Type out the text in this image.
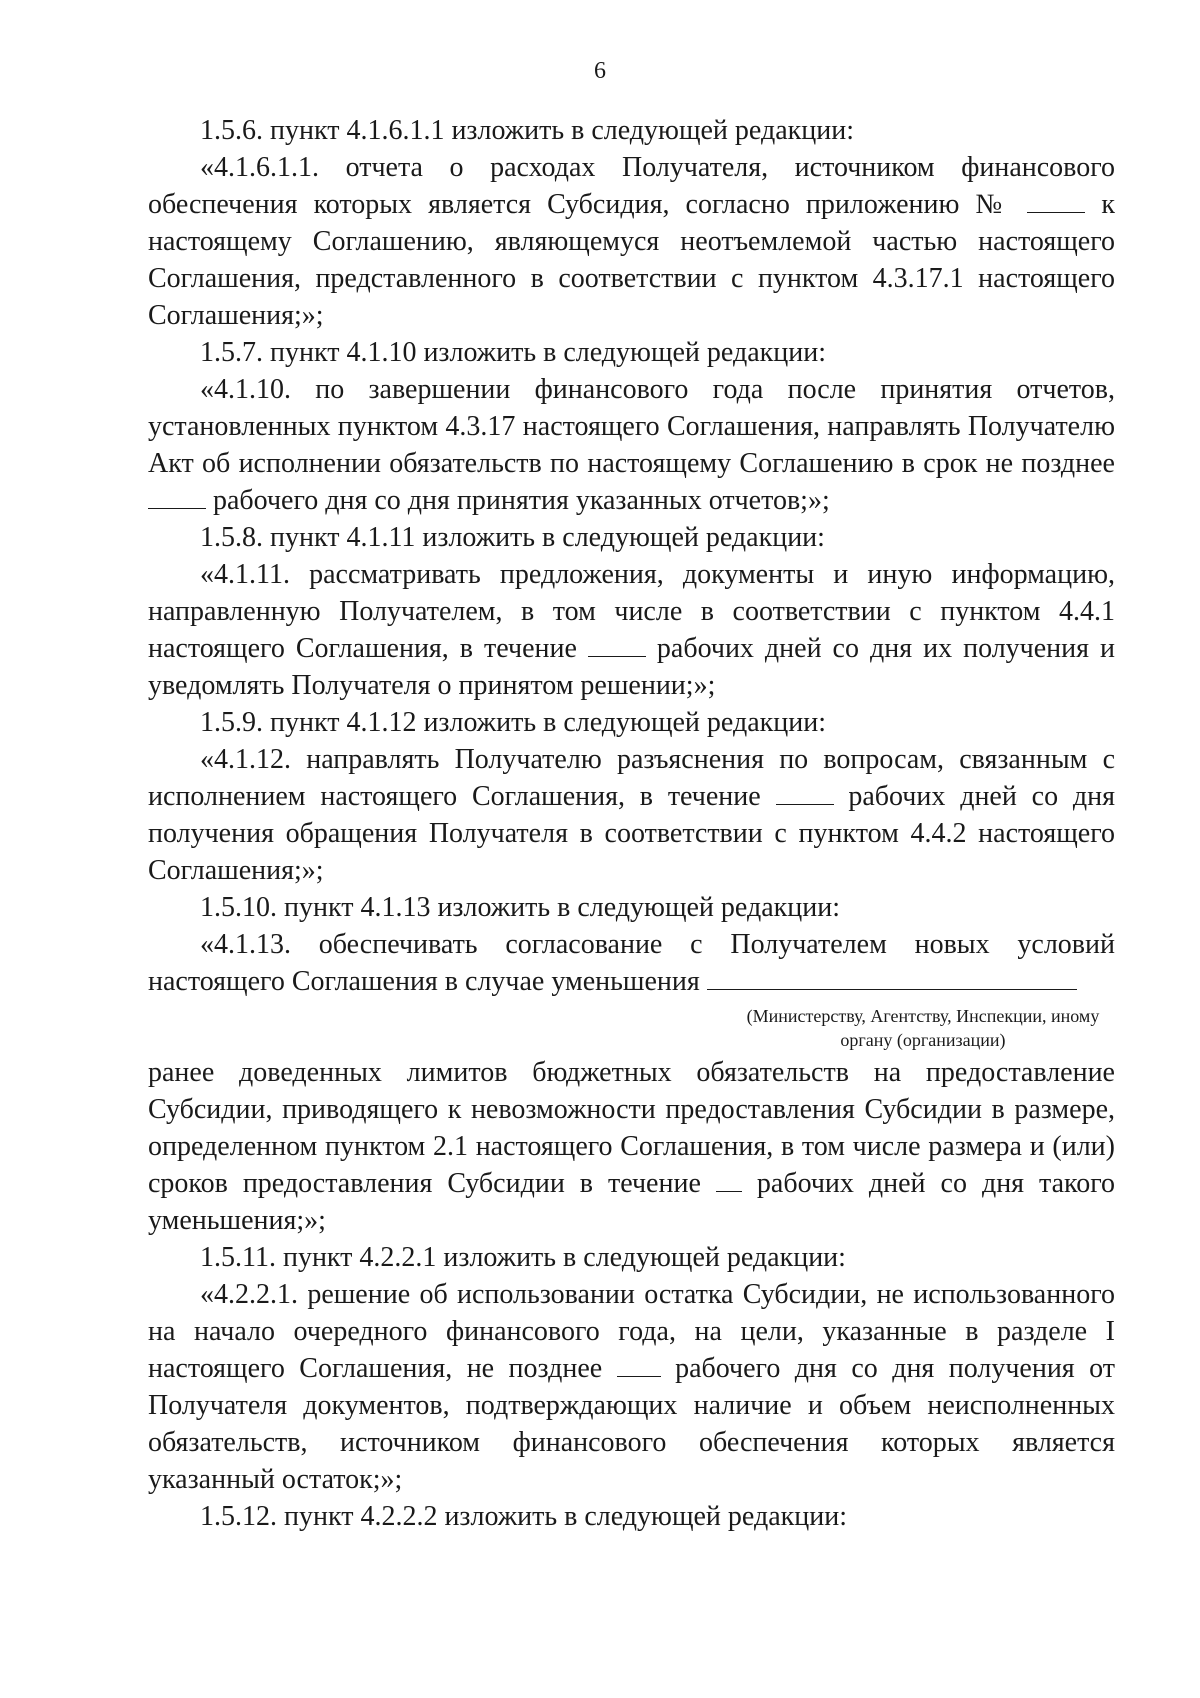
6

1.5.6. пункт 4.1.6.1.1 изложить в следующей редакции:

«4.1.6.1.1. отчета о расходах Получателя, источником финансового обеспечения которых является Субсидия, согласно приложению №	к настоящему Соглашению, являющемуся неотъемлемой частью настоящего Соглашения, представленного в соответствии с пунктом 4.3.17.1 настоящего Соглашения;»;

1.5.7. пункт 4.1.10 изложить в следующей редакции:

«4.1.10. по завершении финансового года после принятия отчетов, установленных пунктом 4.3.17 настоящего Соглашения, направлять Получателю Акт об исполнении обязательств по настоящему Соглашению в срок не позднее  рабочего дня со дня принятия указанных отчетов;»;

1.5.8. пункт 4.1.11 изложить в следующей редакции:

«4.1.11. рассматривать предложения, документы и иную информацию, направленную Получателем, в том числе в соответствии с пунктом 4.4.1 настоящего Соглашения, в течение	рабочих дней со дня их получения и уведомлять Получателя о принятом решении;»;

1.5.9. пункт 4.1.12 изложить в следующей редакции:

«4.1.12. направлять Получателю разъяснения по вопросам, связанным с исполнением настоящего Соглашения, в течение	рабочих дней со дня получения обращения Получателя в соответствии с пунктом 4.4.2 настоящего Соглашения;»;

1.5.10. пункт 4.1.13 изложить в следующей редакции:

«4.1.13. обеспечивать согласование с Получателем новых условий настоящего Соглашения в случае уменьшения

(Министерству, Агентству, Инспекции, иному органу (организации)

ранее доведенных лимитов бюджетных обязательств на предоставление Субсидии, приводящего к невозможности предоставления Субсидии в размере, определенном пунктом 2.1 настоящего Соглашения, в том числе размера и (или) сроков предоставления Субсидии в течение рабочих дней со дня такого уменьшения;»;

1.5.11. пункт 4.2.2.1 изложить в следующей редакции:

«4.2.2.1. решение об использовании остатка Субсидии, не использованного на начало очередного финансового года, на цели, указанные в разделе I настоящего Соглашения, не позднее	рабочего дня со дня получения от Получателя документов, подтверждающих наличие и объем неисполненных обязательств, источником финансового обеспечения которых является указанный остаток;»;

1.5.12. пункт 4.2.2.2 изложить в следующей редакции:
